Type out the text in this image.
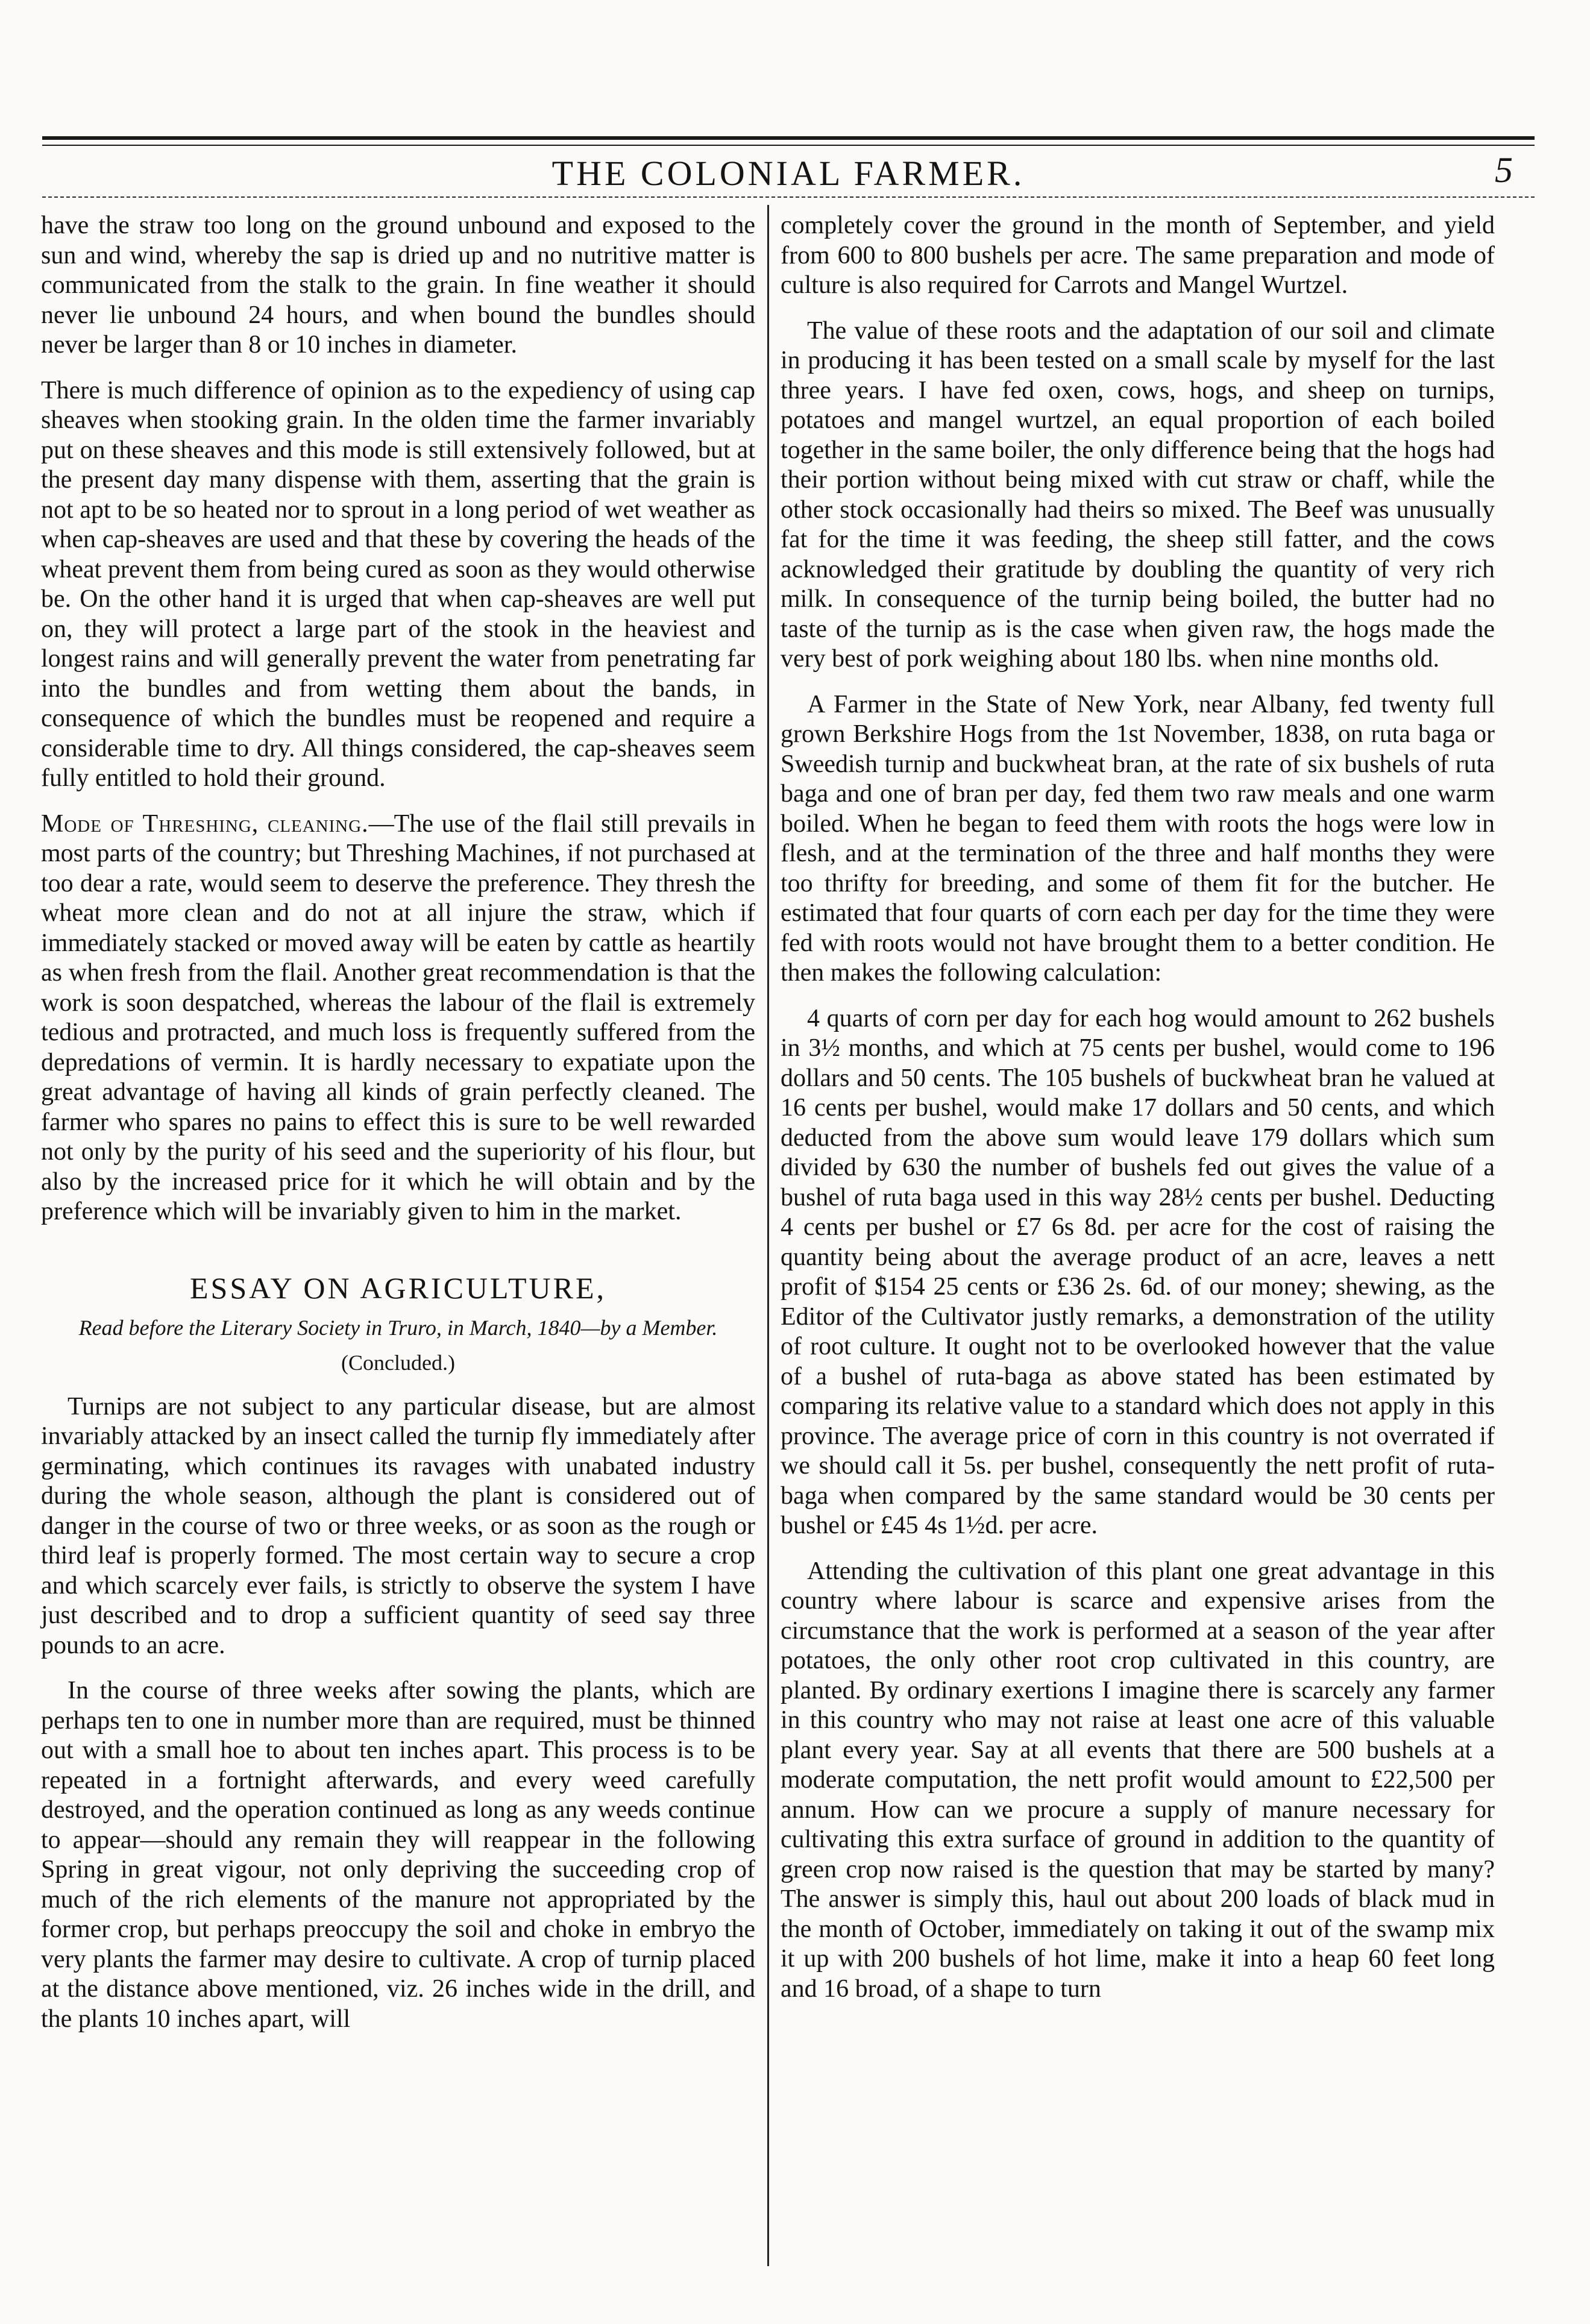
THE COLONIAL FARMER.	5

have the straw too long on the ground unbound and exposed to the sun and wind, whereby the sap is dried up and no nutritive matter is communicated from the stalk to the grain. In fine weather it should never lie unbound 24 hours, and when bound the bundles should never be larger than 8 or 10 inches in diameter.

There is much difference of opinion as to the expediency of using cap sheaves when stooking grain. In the olden time the farmer invariably put on these sheaves and this mode is still extensively followed, but at the present day many dispense with them, asserting that the grain is not apt to be so heated nor to sprout in a long period of wet weather as when cap-sheaves are used and that these by covering the heads of the wheat prevent them from being cured as soon as they would otherwise be. On the other hand it is urged that when cap-sheaves are well put on, they will protect a large part of the stook in the heaviest and longest rains and will generally prevent the water from penetrating far into the bundles and from wetting them about the bands, in consequence of which the bundles must be reopened and require a considerable time to dry. All things considered, the cap-sheaves seem fully entitled to hold their ground.

Mode of Threshing, cleaning.—The use of the flail still prevails in most parts of the country; but Threshing Machines, if not purchased at too dear a rate, would seem to deserve the preference. They thresh the wheat more clean and do not at all injure the straw, which if immediately stacked or moved away will be eaten by cattle as heartily as when fresh from the flail. Another great recommendation is that the work is soon despatched, whereas the labour of the flail is extremely tedious and protracted, and much loss is frequently suffered from the depredations of vermin. It is hardly necessary to expatiate upon the great advantage of having all kinds of grain perfectly cleaned. The farmer who spares no pains to effect this is sure to be well rewarded not only by the purity of his seed and the superiority of his flour, but also by the increased price for it which he will obtain and by the preference which will be invariably given to him in the market.

ESSAY ON AGRICULTURE,
Read before the Literary Society in Truro, in March, 1840—by a Member.
(Concluded.)

Turnips are not subject to any particular disease, but are almost invariably attacked by an insect called the turnip fly immediately after germinating, which continues its ravages with unabated industry during the whole season, although the plant is considered out of danger in the course of two or three weeks, or as soon as the rough or third leaf is properly formed. The most certain way to secure a crop and which scarcely ever fails, is strictly to observe the system I have just described and to drop a sufficient quantity of seed say three pounds to an acre.

In the course of three weeks after sowing the plants, which are perhaps ten to one in number more than are required, must be thinned out with a small hoe to about ten inches apart. This process is to be repeated in a fortnight afterwards, and every weed carefully destroyed, and the operation continued as long as any weeds continue to appear—should any remain they will reappear in the following Spring in great vigour, not only depriving the succeeding crop of much of the rich elements of the manure not appropriated by the former crop, but perhaps preoccupy the soil and choke in embryo the very plants the farmer may desire to cultivate. A crop of turnip placed at the distance above mentioned, viz. 26 inches wide in the drill, and the plants 10 inches apart, will

completely cover the ground in the month of September, and yield from 600 to 800 bushels per acre. The same preparation and mode of culture is also required for Carrots and Mangel Wurtzel.

The value of these roots and the adaptation of our soil and climate in producing it has been tested on a small scale by myself for the last three years. I have fed oxen, cows, hogs, and sheep on turnips, potatoes and mangel wurtzel, an equal proportion of each boiled together in the same boiler, the only difference being that the hogs had their portion without being mixed with cut straw or chaff, while the other stock occasionally had theirs so mixed. The Beef was unusually fat for the time it was feeding, the sheep still fatter, and the cows acknowledged their gratitude by doubling the quantity of very rich milk. In consequence of the turnip being boiled, the butter had no taste of the turnip as is the case when given raw, the hogs made the very best of pork weighing about 180 lbs. when nine months old.

A Farmer in the State of New York, near Albany, fed twenty full grown Berkshire Hogs from the 1st November, 1838, on ruta baga or Sweedish turnip and buckwheat bran, at the rate of six bushels of ruta baga and one of bran per day, fed them two raw meals and one warm boiled. When he began to feed them with roots the hogs were low in flesh, and at the termination of the three and half months they were too thrifty for breeding, and some of them fit for the butcher. He estimated that four quarts of corn each per day for the time they were fed with roots would not have brought them to a better condition. He then makes the following calculation:

4 quarts of corn per day for each hog would amount to 262 bushels in 3½ months, and which at 75 cents per bushel, would come to 196 dollars and 50 cents. The 105 bushels of buckwheat bran he valued at 16 cents per bushel, would make 17 dollars and 50 cents, and which deducted from the above sum would leave 179 dollars which sum divided by 630 the number of bushels fed out gives the value of a bushel of ruta baga used in this way 28½ cents per bushel. Deducting 4 cents per bushel or £7 6s 8d. per acre for the cost of raising the quantity being about the average product of an acre, leaves a nett profit of $154 25 cents or £36 2s. 6d. of our money; shewing, as the Editor of the Cultivator justly remarks, a demonstration of the utility of root culture. It ought not to be overlooked however that the value of a bushel of ruta-baga as above stated has been estimated by comparing its relative value to a standard which does not apply in this province. The average price of corn in this country is not overrated if we should call it 5s. per bushel, consequently the nett profit of ruta-baga when compared by the same standard would be 30 cents per bushel or £45 4s 1½d. per acre.

Attending the cultivation of this plant one great advantage in this country where labour is scarce and expensive arises from the circumstance that the work is performed at a season of the year after potatoes, the only other root crop cultivated in this country, are planted. By ordinary exertions I imagine there is scarcely any farmer in this country who may not raise at least one acre of this valuable plant every year. Say at all events that there are 500 bushels at a moderate computation, the nett profit would amount to £22,500 per annum. How can we procure a supply of manure necessary for cultivating this extra surface of ground in addition to the quantity of green crop now raised is the question that may be started by many? The answer is simply this, haul out about 200 loads of black mud in the month of October, immediately on taking it out of the swamp mix it up with 200 bushels of hot lime, make it into a heap 60 feet long and 16 broad, of a shape to turn
